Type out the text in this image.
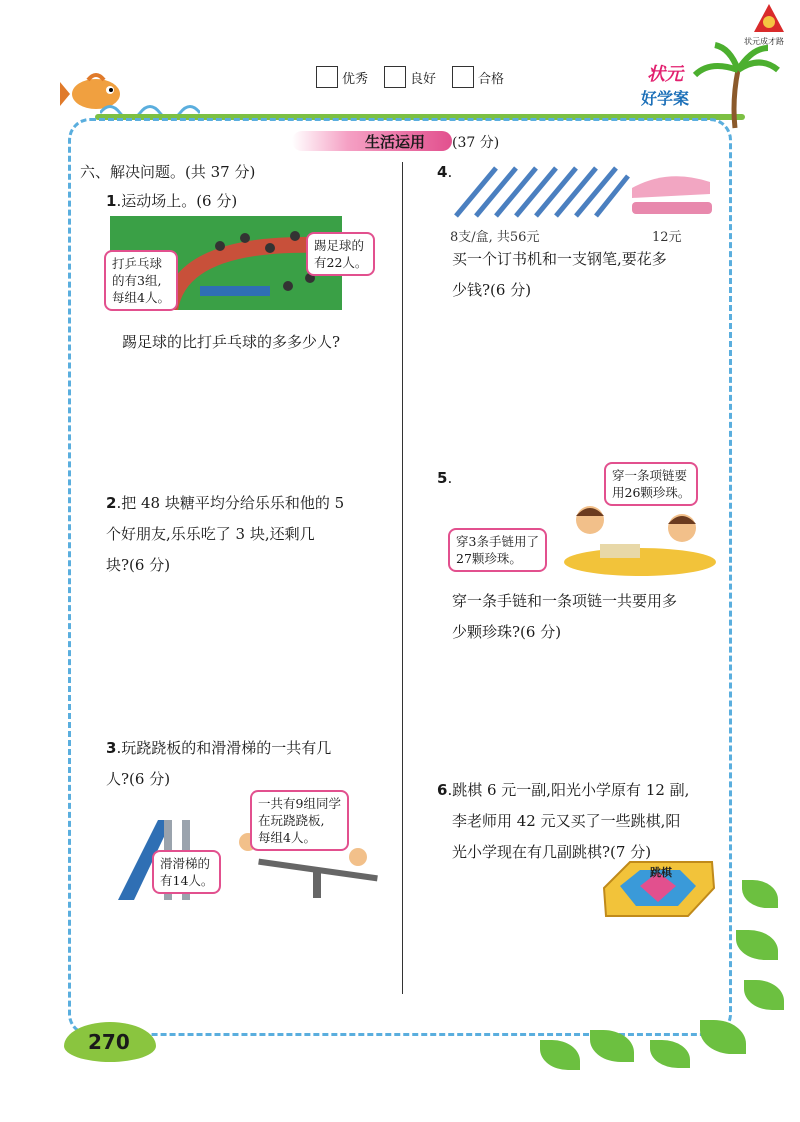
优秀	良好	合格	状元
好学案
状元成才路
生活运用 (37 分)
六、解决问题。(共 37 分)
1.运动场上。(6 分)
打乒乓球
的有3组,
每组4人。
踢足球的
有22人。
踢足球的比打乒乓球的多多少人?
2.把 48 块糖平均分给乐乐和他的 5
个好朋友,乐乐吃了 3 块,还剩几
块?(6 分)
3.玩跷跷板的和滑滑梯的一共有几
人?(6 分)
一共有9组同学
在玩跷跷板,
每组4人。
滑滑梯的
有14人。
4.
8支/盒, 共56元	12元
买一个订书机和一支钢笔,要花多
少钱?(6 分)
5.	穿一条项链要
用26颗珍珠。
穿3条手链用了
27颗珍珠。
穿一条手链和一条项链一共要用多
少颗珍珠?(6 分)
6.跳棋 6 元一副,阳光小学原有 12 副,
李老师用 42 元又买了一些跳棋,阳
光小学现在有几副跳棋?(7 分)
跳棋
270
